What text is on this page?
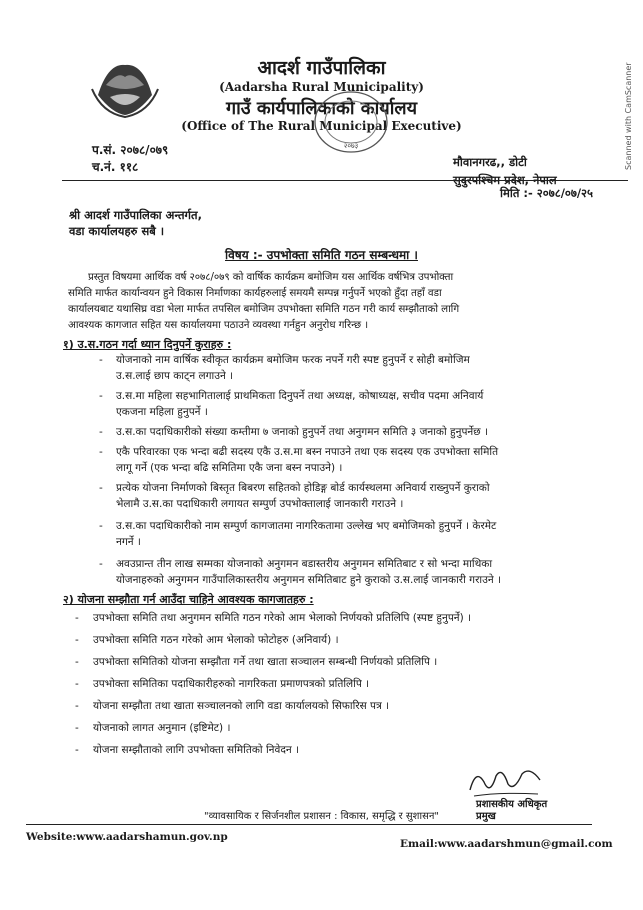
आदर्श गाउँपालिका
(Aadarsha Rural Municipality)
गाउँ कार्यपालिकाको कार्यालय
(Office of The Rural Municipal Executive)
२०७३
प.सं. २०७८/०७९
च.नं. ११८	मौवानगरढ,, डोटी
सुदुरपश्चिम प्रदेश, नेपाल
मिति :- २०७८/०७/२५
श्री आदर्श गाउँपालिका अन्तर्गत,
वडा कार्यालयहरु सबै ।
विषय :- उपभोक्ता समिति गठन सम्बन्धमा ।
प्रस्तुत विषयमा आर्थिक वर्ष २०७८/०७९ को वार्षिक कार्यक्रम बमोजिम यस आर्थिक वर्षभित्र उपभोक्ता
समिति मार्फत कार्यान्वयन हुने विकास निर्माणका कार्यहरुलाई समयमै सम्पन्न गर्नुपर्ने भएको हुँदा तहाँ वडा
कार्यालयबाट यथासिघ्र वडा भेला मार्फत तपसिल बमोजिम उपभोक्ता समिति गठन गरी कार्य सम्झौताको लागि
आवश्यक कागजात सहित यस कार्यालयमा पठाउने व्यवस्था गर्नहुन अनुरोध गरिन्छ ।
१) उ.स.गठन गर्दा ध्यान दिनुपर्ने कुराहरु :
- योजनाको नाम वार्षिक स्वीकृत कार्यक्रम बमोजिम फरक नपर्ने गरी स्पष्ट हुनुपर्ने र सोही बमोजिम
उ.स.लाई छाप काट्न लगाउने ।
- उ.स.मा महिला सहभागितालाई प्राथमिकता दिनुपर्ने तथा अध्यक्ष, कोषाध्यक्ष, सचीव पदमा अनिवार्य
एकजना महिला हुनुपर्ने ।
- उ.स.का पदाधिकारीको संख्या कम्तीमा ७ जनाको हुनुपर्ने तथा अनुगमन समिति ३ जनाको हुनुपर्नेछ ।
- एकै परिवारका एक भन्दा बढी सदस्य एकै उ.स.मा बस्न नपाउने तथा एक सदस्य एक उपभोक्ता समिति
लागू गर्ने (एक भन्दा बढि समितिमा एकै जना बस्न नपाउने) ।
- प्रत्येक योजना निर्माणको बिस्तृत बिबरण सहितको होडिङ्ग बोर्ड कार्यस्थलमा अनिवार्य राख्नुपर्ने कुराको
भेलामै उ.स.का पदाधिकारी लगायत सम्पुर्ण उपभोक्तालाई जानकारी गराउने ।
- उ.स.का पदाधिकारीको नाम सम्पुर्ण कागजातमा नागरिकतामा उल्लेख भए बमोजिमको हुनुपर्ने । केरमेट
नगर्ने ।
- अवउप्रान्त तीन लाख सम्मका योजनाको अनुगमन बडास्तरीय अनुगमन समितिबाट र सो भन्दा माथिका
योजनाहरुको अनुगमन गाउँपालिकास्तरीय अनुगमन समितिबाट हुने कुराको उ.स.लाई जानकारी गराउने ।
२) योजना सम्झौता गर्न आउँदा चाहिने आवश्यक कागजातहरु :
- उपभोक्ता समिति तथा अनुगमन समिति गठन गरेको आम भेलाको निर्णयको प्रतिलिपि (स्पष्ट हुनुपर्ने) ।
- उपभोक्ता समिति गठन गरेको आम भेलाको फोटोहरु (अनिवार्य) ।
- उपभोक्ता समितिको योजना सम्झौता गर्ने तथा खाता सञ्चालन सम्बन्धी निर्णयको प्रतिलिपि ।
- उपभोक्ता समितिका पदाधिकारीहरुको नागरिकता प्रमाणपत्रको प्रतिलिपि ।
- योजना सम्झौता तथा खाता सञ्चालनको लागि वडा कार्यालयको सिफारिस पत्र ।
- योजनाको लागत अनुमान (इष्टिमेट) ।
- योजना सम्झौताको लागि उपभोक्ता समितिको निवेदन ।
प्रशासकीय अधिकृत
प्रमुख
"व्यावसायिक र सिर्जनशील प्रशासन : विकास, समृद्धि र सुशासन"
Website:www.aadarshamun.gov.np
Email:www.aadarshmun@gmail.com
Scanned with CamScanner
